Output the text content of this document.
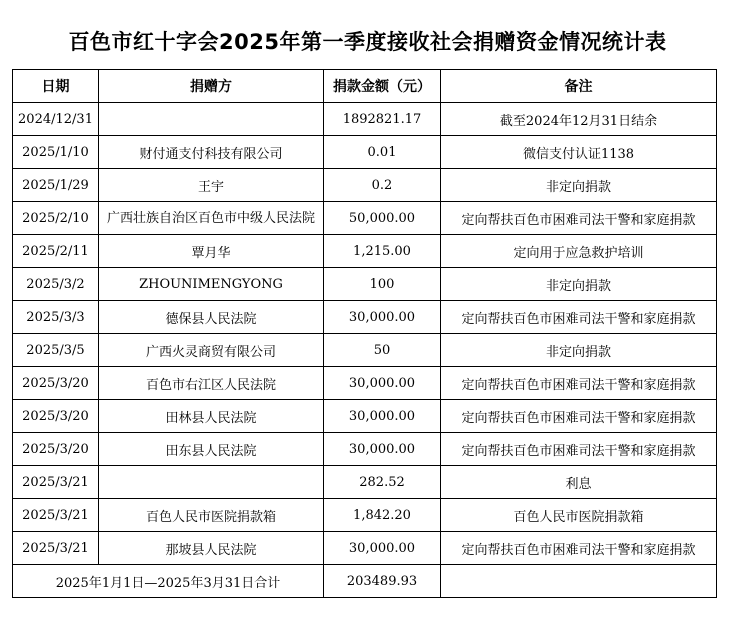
百色市红十字会2025年第一季度接收社会捐赠资金情况统计表
日期	捐赠方	捐款金额（元）	备注
2024/12/31		1892821.17	截至2024年12月31日结余
2025/1/10	财付通支付科技有限公司	0.01	微信支付认证1138
2025/1/29	王宇	0.2	非定向捐款
2025/2/10	广西壮族自治区百色市中级人民法院	50,000.00	定向帮扶百色市困难司法干警和家庭捐款
2025/2/11	覃月华	1,215.00	定向用于应急救护培训
2025/3/2	ZHOUNIMENGYONG	100	非定向捐款
2025/3/3	德保县人民法院	30,000.00	定向帮扶百色市困难司法干警和家庭捐款
2025/3/5	广西火灵商贸有限公司	50	非定向捐款
2025/3/20	百色市右江区人民法院	30,000.00	定向帮扶百色市困难司法干警和家庭捐款
2025/3/20	田林县人民法院	30,000.00	定向帮扶百色市困难司法干警和家庭捐款
2025/3/20	田东县人民法院	30,000.00	定向帮扶百色市困难司法干警和家庭捐款
2025/3/21		282.52	利息
2025/3/21	百色人民市医院捐款箱	1,842.20	百色人民市医院捐款箱
2025/3/21	那坡县人民法院	30,000.00	定向帮扶百色市困难司法干警和家庭捐款
2025年1月1日—2025年3月31日合计		203489.93	
